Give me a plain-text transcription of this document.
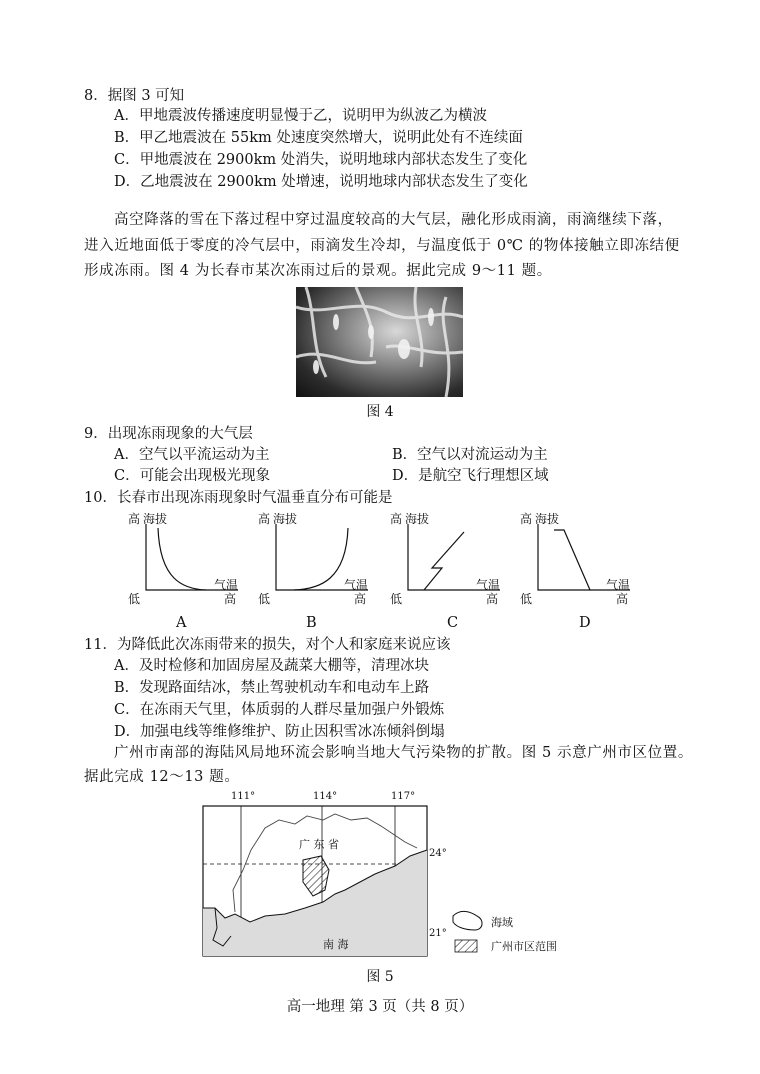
8．据图 3 可知
A．甲地震波传播速度明显慢于乙，说明甲为纵波乙为横波
B．甲乙地震波在 55km 处速度突然增大，说明此处有不连续面
C．甲地震波在 2900km 处消失，说明地球内部状态发生了变化
D．乙地震波在 2900km 处增速，说明地球内部状态发生了变化
高空降落的雪在下落过程中穿过温度较高的大气层，融化形成雨滴，雨滴继续下落，
进入近地面低于零度的冷气层中，雨滴发生冷却，与温度低于 0℃ 的物体接触立即冻结便
形成冻雨。图 4 为长春市某次冻雨过后的景观。据此完成 9～11 题。
图 4
9．出现冻雨现象的大气层
A．空气以平流运动为主	B．空气以对流运动为主
C．可能会出现极光现象	D．是航空飞行理想区域
10．长春市出现冻雨现象时气温垂直分布可能是
高 海拔
低
气温
高
A
高 海拔
低
气温
高
B
高 海拔
低
气温
高
C
高 海拔
低
气温
高
D
11．为降低此次冻雨带来的损失，对个人和家庭来说应该
A．及时检修和加固房屋及蔬菜大棚等，清理冰块
B．发现路面结冰，禁止驾驶机动车和电动车上路
C．在冻雨天气里，体质弱的人群尽量加强户外锻炼
D．加强电线等维修维护、防止因积雪冰冻倾斜倒塌
广州市南部的海陆风局地环流会影响当地大气污染物的扩散。图 5 示意广州市区位置。
据此完成 12～13 题。
111°	114°	117°
24°
21°
广 东 省
南 海
海域
广州市区范围
图 5
高一地理 第 3 页（共 8 页）
